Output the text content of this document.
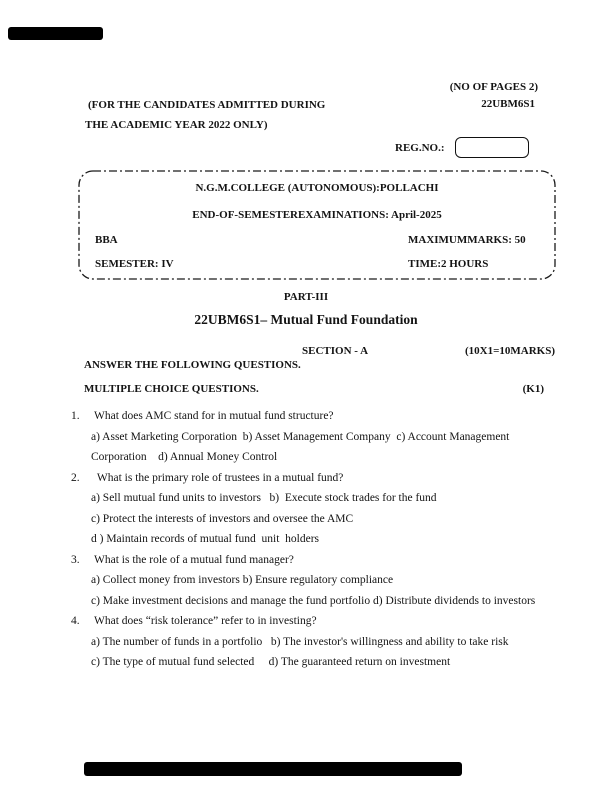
(NO OF PAGES 2)
22UBM6S1
(FOR THE CANDIDATES ADMITTED DURING
THE ACADEMIC YEAR 2022 ONLY)
REG.NO.:
N.G.M.COLLEGE (AUTONOMOUS):POLLACHI
END-OF-SEMESTEREXAMINATIONS: April-2025
BBA	MAXIMUMMARKS: 50
SEMESTER: IV	TIME:2 HOURS
PART-III
22UBM6S1– Mutual Fund Foundation
SECTION - A	(10X1=10MARKS)
ANSWER THE FOLLOWING QUESTIONS.
MULTIPLE CHOICE QUESTIONS.	(K1)
1.	What does AMC stand for in mutual fund structure?
a) Asset Marketing Corporation  b) Asset Management Company  c) Account Management
Corporation    d) Annual Money Control
2.	What is the primary role of trustees in a mutual fund?
a) Sell mutual fund units to investors   b)  Execute stock trades for the fund
c) Protect the interests of investors and oversee the AMC
d ) Maintain records of mutual fund  unit  holders
3.	What is the role of a mutual fund manager?
a) Collect money from investors b) Ensure regulatory compliance
c) Make investment decisions and manage the fund portfolio d) Distribute dividends to investors
4.	What does “risk tolerance” refer to in investing?
a) The number of funds in a portfolio   b) The investor's willingness and ability to take risk
c) The type of mutual fund selected     d) The guaranteed return on investment
